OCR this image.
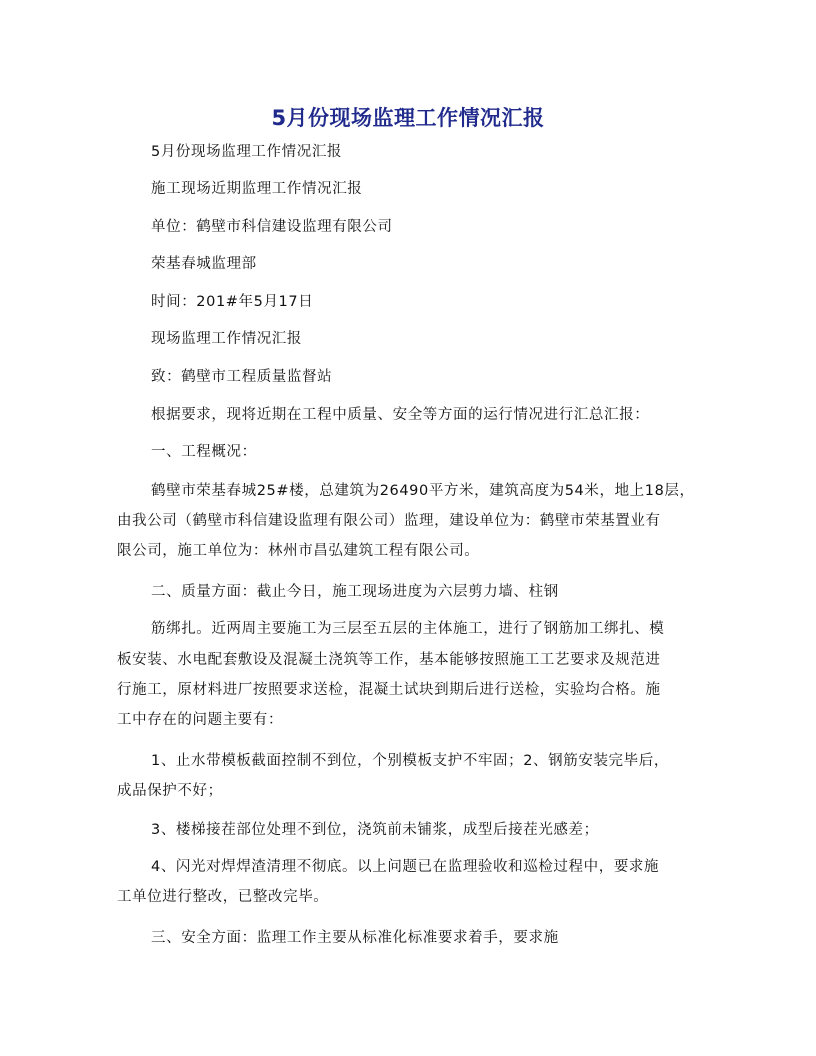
5月份现场监理工作情况汇报
5月份现场监理工作情况汇报
施工现场近期监理工作情况汇报
单位：鹤壁市科信建设监理有限公司
荣基春城监理部
时间：201#年5月17日
现场监理工作情况汇报
致：鹤壁市工程质量监督站
根据要求，现将近期在工程中质量、安全等方面的运行情况进行汇总汇报：
一、工程概况：
鹤壁市荣基春城25#楼，总建筑为26490平方米，建筑高度为54米，地上18层，
由我公司（鹤壁市科信建设监理有限公司）监理，建设单位为：鹤壁市荣基置业有
限公司，施工单位为：林州市昌弘建筑工程有限公司。
二、质量方面：截止今日，施工现场进度为六层剪力墙、柱钢
筋绑扎。近两周主要施工为三层至五层的主体施工，进行了钢筋加工绑扎、模
板安装、水电配套敷设及混凝土浇筑等工作，基本能够按照施工工艺要求及规范进
行施工，原材料进厂按照要求送检，混凝土试块到期后进行送检，实验均合格。施
工中存在的问题主要有：
1、止水带模板截面控制不到位，个别模板支护不牢固；2、钢筋安装完毕后，
成品保护不好；
3、楼梯接茬部位处理不到位，浇筑前未铺浆，成型后接茬光感差；
4、闪光对焊焊渣清理不彻底。以上问题已在监理验收和巡检过程中，要求施
工单位进行整改，已整改完毕。
三、安全方面：监理工作主要从标准化标准要求着手，要求施
